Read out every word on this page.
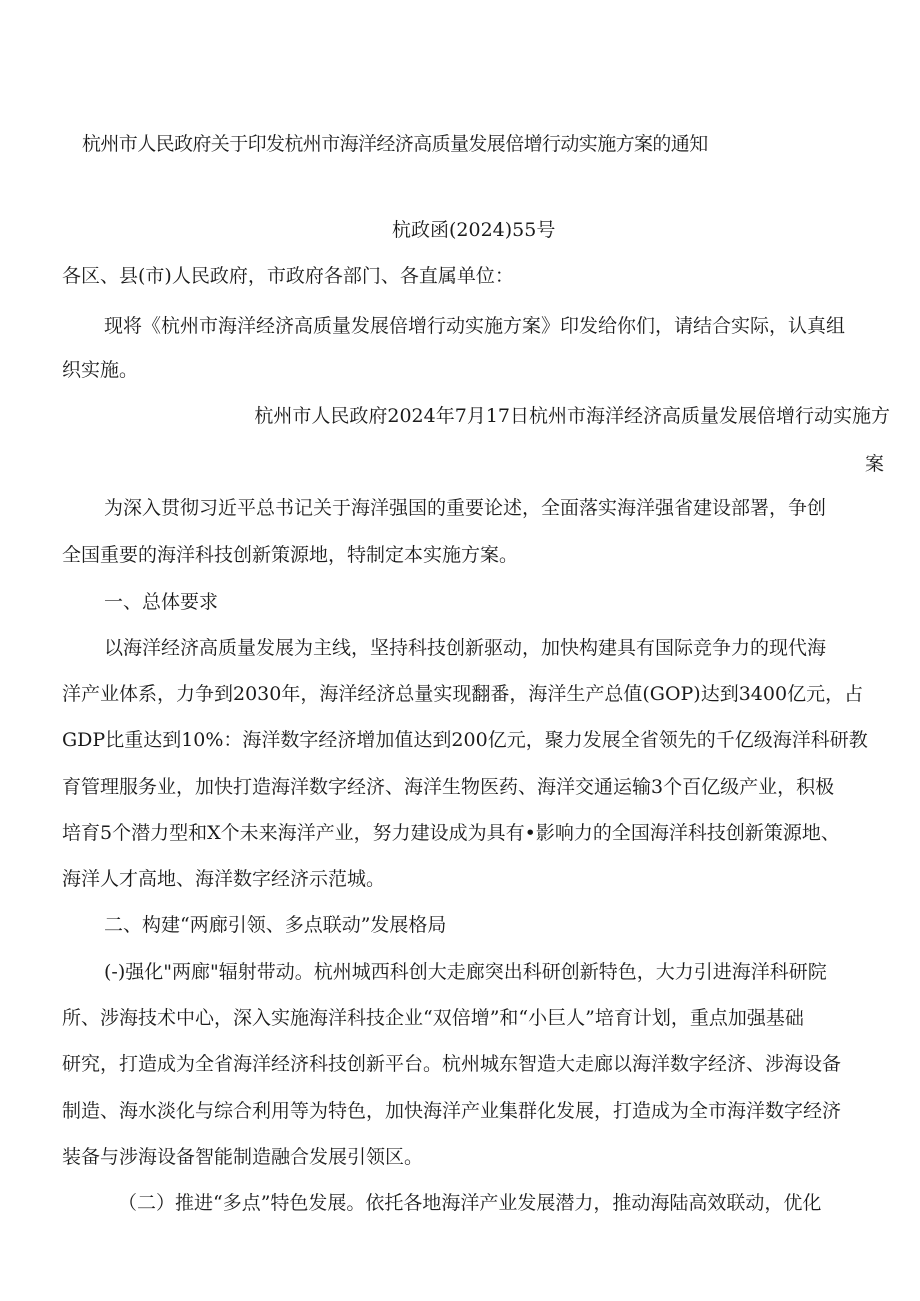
杭州市人民政府关于印发杭州市海洋经济高质量发展倍增行动实施方案的通知
杭政函(2024)55号
各区、县(市)人民政府，市政府各部门、各直属单位：
现将《杭州市海洋经济高质量发展倍增行动实施方案》印发给你们，请结合实际，认真组
织实施。
杭州市人民政府2024年7月17日杭州市海洋经济高质量发展倍增行动实施方
案
为深入贯彻习近平总书记关于海洋强国的重要论述，全面落实海洋强省建设部署，争创
全国重要的海洋科技创新策源地，特制定本实施方案。
一、总体要求
以海洋经济高质量发展为主线，坚持科技创新驱动，加快构建具有国际竞争力的现代海
洋产业体系，力争到2030年，海洋经济总量实现翻番，海洋生产总值(GOP)达到3400亿元，占
GDP比重达到10%：海洋数字经济增加值达到200亿元，聚力发展全省领先的千亿级海洋科研教
育管理服务业，加快打造海洋数字经济、海洋生物医药、海洋交通运输3个百亿级产业，积极
培育5个潜力型和X个未来海洋产业，努力建设成为具有•影响力的全国海洋科技创新策源地、
海洋人才高地、海洋数字经济示范城。
二、构建“两廊引领、多点联动”发展格局
(-)强化"两廊"辐射带动。杭州城西科创大走廊突出科研创新特色，大力引进海洋科研院
所、涉海技术中心，深入实施海洋科技企业“双倍增”和“小巨人”培育计划，重点加强基础
研究，打造成为全省海洋经济科技创新平台。杭州城东智造大走廊以海洋数字经济、涉海设备
制造、海水淡化与综合利用等为特色，加快海洋产业集群化发展，打造成为全市海洋数字经济
装备与涉海设备智能制造融合发展引领区。
（二）推进“多点”特色发展。依托各地海洋产业发展潜力，推动海陆高效联动，优化
